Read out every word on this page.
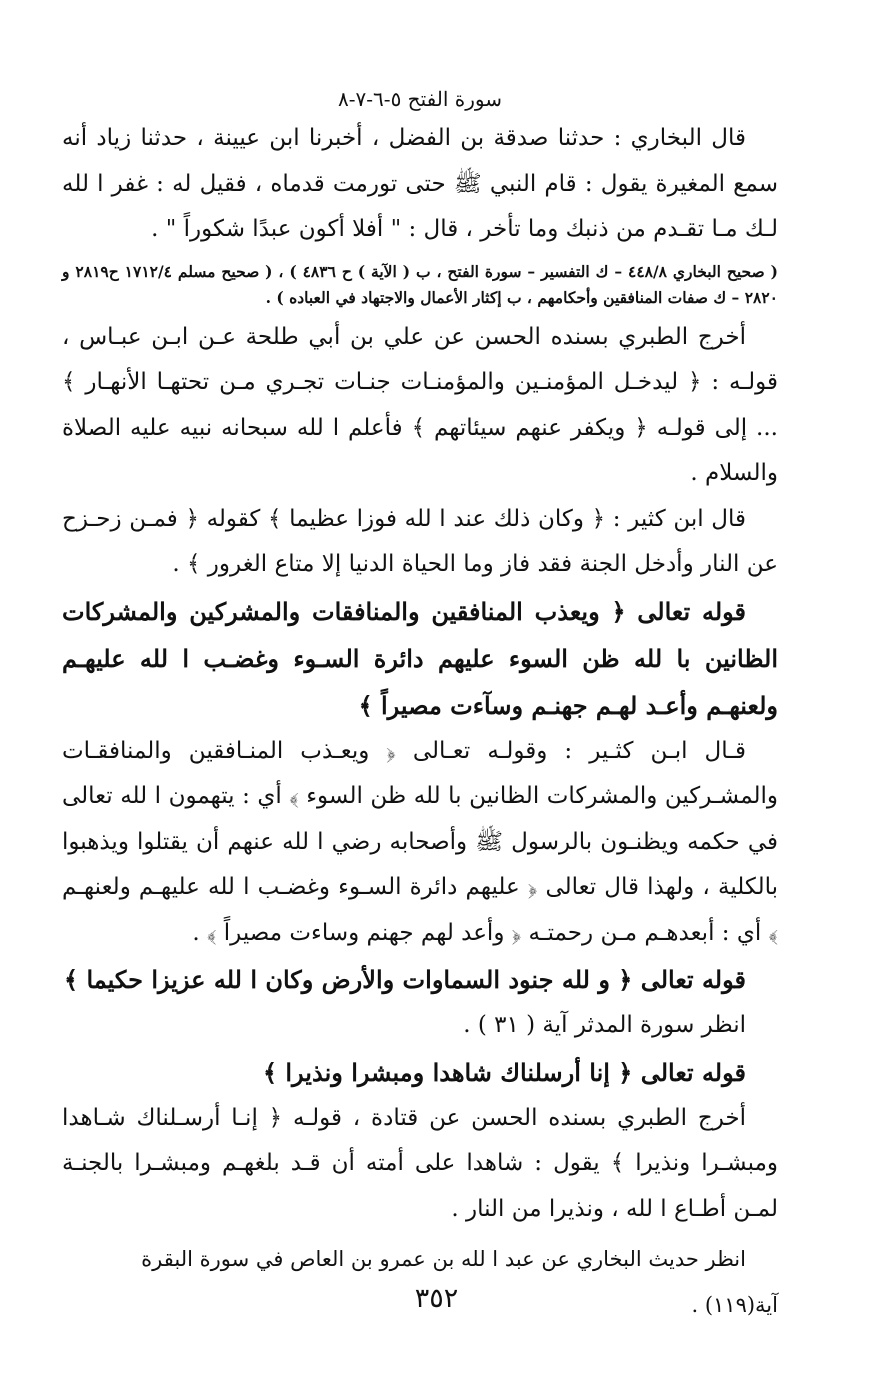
سورة الفتح ٥-٦-٧-٨

قال البخاري : حدثنا صدقة بن الفضل ، أخبرنا ابن عيينة ، حدثنا زياد أنه سمع المغيرة يقول : قام النبي ﷺ حتى تورمت قدماه ، فقيل له : غفر ا لله لـك مـا تقـدم من ذنبك وما تأخر ، قال : " أفلا أكون عبدًا شكوراً " .

( صحيح البخاري ٤٤٨/٨ – ك التفسير – سورة الفتح ، ب ( الآية ) ح ٤٨٣٦ ) ، ( صحيح مسلم ١٧١٢/٤ ح٢٨١٩ و ٢٨٢٠ – ك صفات المنافقين وأحكامهم ، ب إكثار الأعمال والاجتهاد في العباده ) .

أخرج الطبري بسنده الحسن عن علي بن أبي طلحة عـن ابـن عبـاس ، قولـه : ﴿ ليدخـل المؤمنـين والمؤمنـات جنـات تجـري مـن تحتهـا الأنهـار ﴾ ... إلى قولـه ﴿ ويكفر عنهم سيئاتهم ﴾ فأعلم ا لله سبحانه نبيه عليه الصلاة والسلام .

قال ابن كثير : ﴿ وكان ذلك عند ا لله فوزا عظيما ﴾ كقوله ﴿ فمـن زحـزح عن النار وأدخل الجنة فقد فاز وما الحياة الدنيا إلا متاع الغرور ﴾ .

قوله تعالى ﴿ ويعذب المنافقين والمنافقات والمشركين والمشركات الظانين با لله ظن السوء عليهم دائرة السـوء وغضـب ا لله عليهـم ولعنهـم وأعـد لهـم جهنـم وسآءت مصيراً ﴾

قـال ابـن كثـير : وقولـه تعـالى ﴿ ويعـذب المنـافقين والمنافقـات والمشـركين والمشركات الظانين با لله ظن السوء ﴾ أي : يتهمون ا لله تعالى في حكمه ويظنـون بالرسول ﷺ وأصحابه رضي ا لله عنهم أن يقتلوا ويذهبوا بالكلية ، ولهذا قال تعالى ﴿ عليهم دائرة السـوء وغضـب ا لله عليهـم ولعنهـم ﴾ أي : أبعدهـم مـن رحمتـه ﴿ وأعد لهم جهنم وساءت مصيراً ﴾ .

قوله تعالى ﴿ و لله جنود السماوات والأرض وكان ا لله عزيزا حكيما ﴾

انظر سورة المدثر آية ( ٣١ ) .

قوله تعالى ﴿ إنا أرسلناك شاهدا ومبشرا ونذيرا ﴾

أخرج الطبري بسنده الحسن عن قتادة ، قولـه ﴿ إنـا أرسـلناك شـاهدا ومبشـرا ونذيرا ﴾ يقول : شاهدا على أمته أن قـد بلغهـم ومبشـرا بالجنـة لمـن أطـاع ا لله ، ونذيرا من النار .

انظر حديث البخاري عن عبد ا لله بن عمرو بن العاص في سورة البقرة آية(١١٩) .

٣٥٢
